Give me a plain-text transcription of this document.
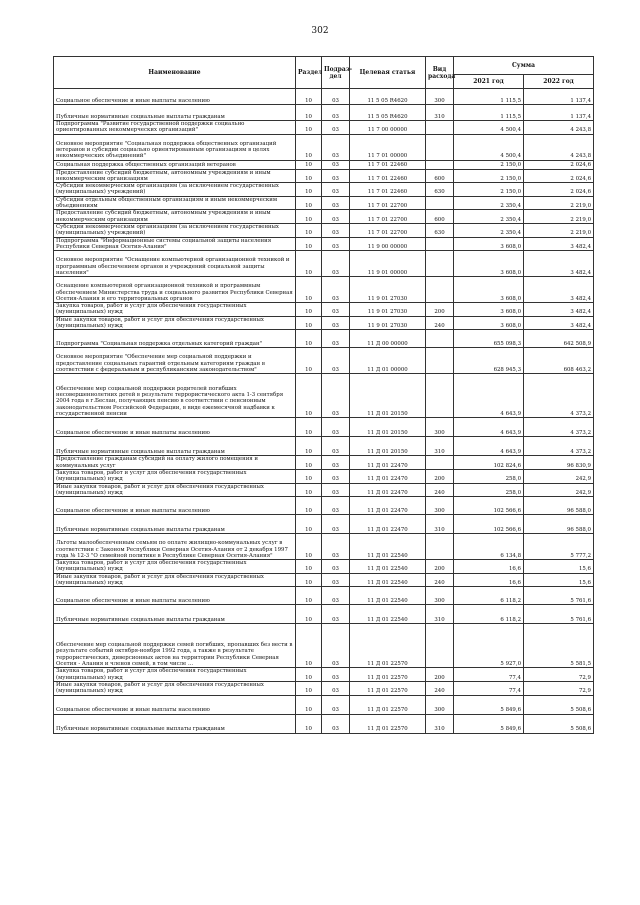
302
Наименование	Раздел	Подраз-дел	Целевая статья	Вид расхода	Сумма	
					2021 год	2022 год
Социальное обеспечение и иные выплаты населению	10	03	11 5 05 R4620	300	1 115,5	1 137,4
Публичные нормативные социальные выплаты гражданам	10	03	11 5 05 R4620	310	1 115,5	1 137,4
Подпрограмма "Развитие государственной поддержки социально ориентированных некоммерческих организаций"	10	03	11 7 00 00000		4 500,4	4 243,8
Основное мероприятие "Социальная поддержка общественных организаций ветеранов и субсидии социально ориентированным организациям в целях некоммерческих объединений"	10	03	11 7 01 00000		4 500,4	4 243,8
Социальная поддержка общественных организаций ветеранов	10	03	11 7 01 22460		2 150,0	2 024,6
Предоставление субсидий бюджетным, автономным учреждениям и иным некоммерческим организациям	10	03	11 7 01 22460	600	2 150,0	2 024,6
Субсидии некоммерческим организациям (за исключением государственных (муниципальных) учреждений)	10	03	11 7 01 22460	630	2 150,0	2 024,6
Субсидии отдельным общественным организациям и иным некоммерческим объединениям	10	03	11 7 01 22700		2 350,4	2 219,0
Предоставление субсидий бюджетным, автономным учреждениям и иным некоммерческим организациям	10	03	11 7 01 22700	600	2 350,4	2 219,0
Субсидии некоммерческим организациям (за исключением государственных (муниципальных) учреждений)	10	03	11 7 01 22700	630	2 350,4	2 219,0
Подпрограмма "Информационные системы социальной защиты населения Республики Северная Осетия-Алания"	10	03	11 9 00 00000		3 608,0	3 482,4
Основное мероприятие "Оснащение компьютерной организационной техникой и программным обеспечением органов и учреждений социальной защиты населения"	10	03	11 9 01 00000		3 608,0	3 482,4
Оснащение компьютерной организационной техникой и программным обеспечением Министерства труда и социального развития Республики Северная Осетия-Алания и его территориальных органов	10	03	11 9 01 27030		3 608,0	3 482,4
Закупка товаров, работ и услуг для обеспечения государственных (муниципальных) нужд	10	03	11 9 01 27030	200	3 608,0	3 482,4
Иные закупки товаров, работ и услуг для обеспечения государственных (муниципальных) нужд	10	03	11 9 01 27030	240	3 608,0	3 482,4
Подпрограмма "Социальная поддержка отдельных категорий граждан"	10	03	11 Д 00 00000		655 098,3	642 508,9
Основное мероприятие "Обеспечение мер социальной поддержки и предоставление социальных гарантий отдельным категориям граждан в соответствии с федеральным и республиканским законодательством"	10	03	11 Д 01 00000		628 945,3	608 463,2
Обеспечение мер социальной поддержки родителей погибших несовершеннолетних детей в результате террористического акта 1-3 сентября 2004 года в г.Беслан, получающих пенсию в соответствии с пенсионным законодательством Российской Федерации, в виде ежемесячной надбавки к государственной пенсии	10	03	11 Д 01 20150		4 643,9	4 373,2
Социальное обеспечение и иные выплаты населению	10	03	11 Д 01 20150	300	4 643,9	4 373,2
Публичные нормативные социальные выплаты гражданам	10	03	11 Д 01 20150	310	4 643,9	4 373,2
Предоставление гражданам субсидий на оплату жилого помещения и коммунальных услуг	10	03	11 Д 01 22470		102 824,6	96 830,9
Закупка товаров, работ и услуг для обеспечения государственных (муниципальных) нужд	10	03	11 Д 01 22470	200	258,0	242,9
Иные закупки товаров, работ и услуг для обеспечения государственных (муниципальных) нужд	10	03	11 Д 01 22470	240	258,0	242,9
Социальное обеспечение и иные выплаты населению	10	03	11 Д 01 22470	300	102 566,6	96 588,0
Публичные нормативные социальные выплаты гражданам	10	03	11 Д 01 22470	310	102 566,6	96 588,0
Льготы малообеспеченным семьям по оплате жилищно-коммунальных услуг в соответствии с Законом Республики Северная Осетия-Алания от 2 декабря 1997 года № 12-3 "О семейной политике в Республике Северная Осетия-Алания"	10	03	11 Д 01 22540		6 134,8	5 777,2
Закупка товаров, работ и услуг для обеспечения государственных (муниципальных) нужд	10	03	11 Д 01 22540	200	16,6	15,6
Иные закупки товаров, работ и услуг для обеспечения государственных (муниципальных) нужд	10	03	11 Д 01 22540	240	16,6	15,6
Социальное обеспечение и иные выплаты населению	10	03	11 Д 01 22540	300	6 118,2	5 761,6
Публичные нормативные социальные выплаты гражданам	10	03	11 Д 01 22540	310	6 118,2	5 761,6
Обеспечение мер социальной поддержки семей погибших, пропавших без вести в результате событий октября-ноября 1992 года, а также в результате террористических, диверсионных актов на территории Республики Северная Осетия - Алания и членов семей, в том числе ...	10	03	11 Д 01 22570		5 927,0	5 581,5
Закупка товаров, работ и услуг для обеспечения государственных (муниципальных) нужд	10	03	11 Д 01 22570	200	77,4	72,9
Иные закупки товаров, работ и услуг для обеспечения государственных (муниципальных) нужд	10	03	11 Д 01 22570	240	77,4	72,9
Социальное обеспечение и иные выплаты населению	10	03	11 Д 01 22570	300	5 849,6	5 508,6
Публичные нормативные социальные выплаты гражданам	10	03	11 Д 01 22570	310	5 849,6	5 508,6
